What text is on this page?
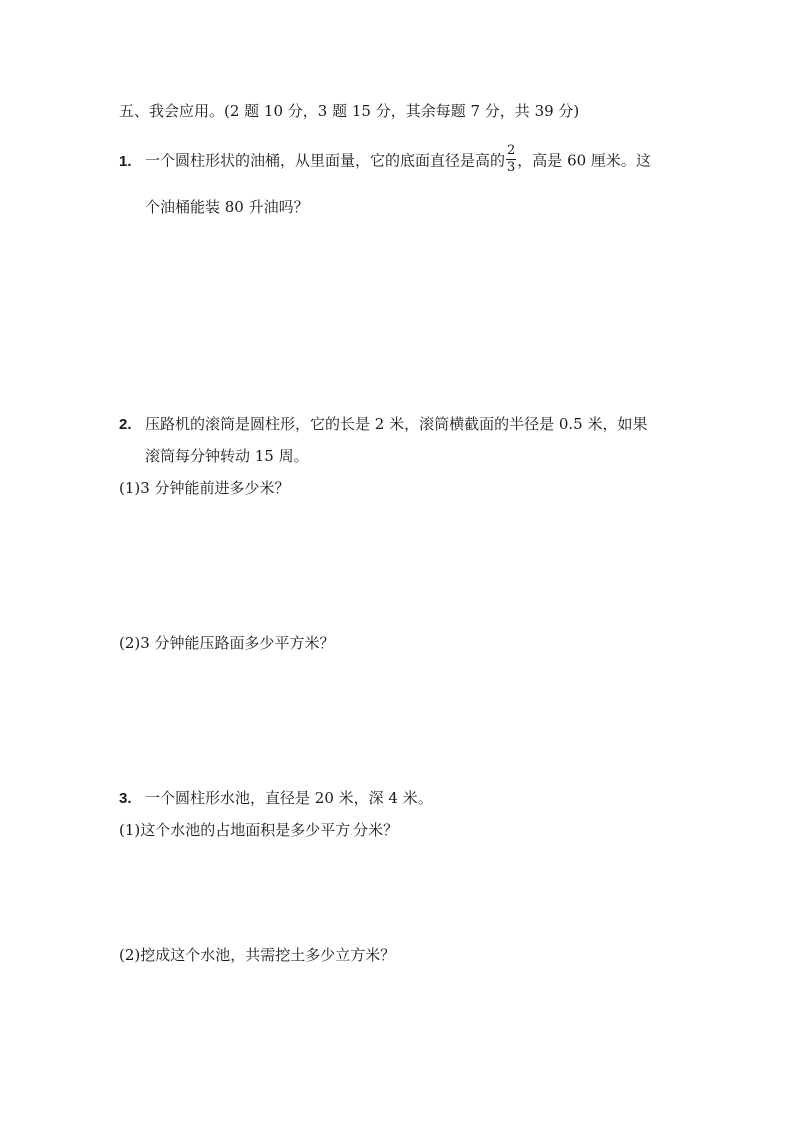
五、我会应用。(2 题 10 分，3 题 15 分，其余每题 7 分，共 39 分)
1. 一个圆柱形状的油桶，从里面量，它的底面直径是高的 $\frac{2}{3}$ ，高是 60 厘米。这
个油桶能装 80 升油吗？
2. 压路机的滚筒是圆柱形，它的长是 2 米，滚筒横截面的半径是 0.5 米，如果
滚筒每分钟转动 15 周。
(1)3 分钟能前进多少米？
(2)3 分钟能压路面多少平方米？
3. 一个圆柱形水池，直径是 20 米，深 4 米。
(1)这个水池的占地面积是多少平方.分米？
(2)挖成这个水池，共需挖土多少立方米？
